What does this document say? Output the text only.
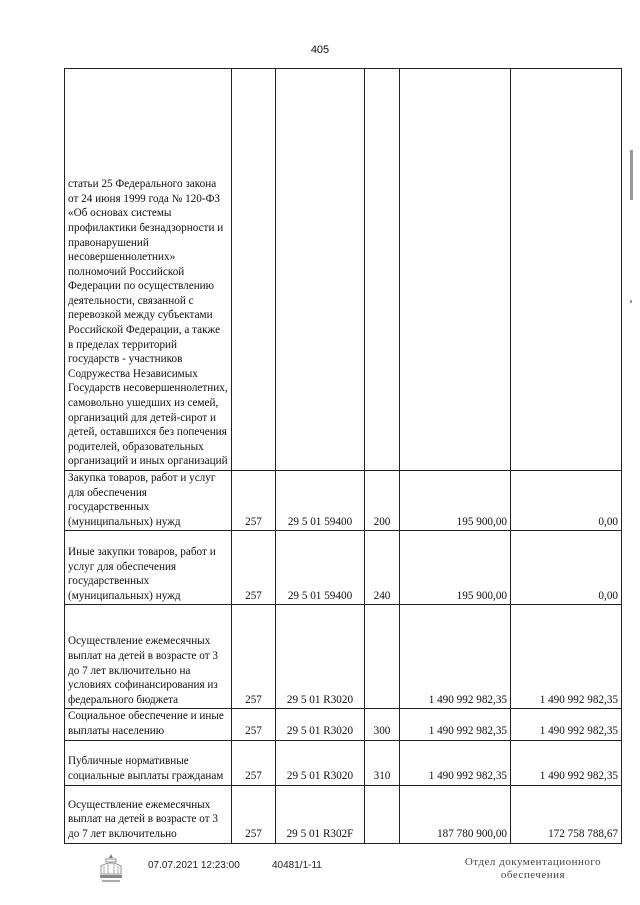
405
статьи 25 Федерального закона от 24 июня 1999 года № 120-ФЗ «Об основах системы профилактики безнадзорности и правонарушений несовершеннолетних» полномочий Российской Федерации по осуществлению деятельности, связанной с перевозкой между субъектами Российской Федерации, а также в пределах территорий государств - участников Содружества Независимых Государств несовершеннолетних, самовольно ушедших из семей, организаций для детей-сирот и детей, оставшихся без попечения родителей, образовательных организаций и иных организаций					
Закупка товаров, работ и услуг для обеспечения государственных (муниципальных) нужд	257	29 5 01 59400	200	195 900,00	0,00
Иные закупки товаров, работ и услуг для обеспечения государственных (муниципальных) нужд	257	29 5 01 59400	240	195 900,00	0,00
Осуществление ежемесячных выплат на детей в возрасте от 3 до 7 лет включительно на условиях софинансирования из федерального бюджета	257	29 5 01 R3020		1 490 992 982,35	1 490 992 982,35
Социальное обеспечение и иные выплаты населению	257	29 5 01 R3020	300	1 490 992 982,35	1 490 992 982,35
Публичные нормативные социальные выплаты гражданам	257	29 5 01 R3020	310	1 490 992 982,35	1 490 992 982,35
Осуществление ежемесячных выплат на детей в возрасте от 3 до 7 лет включительно	257	29 5 01 R302F		187 780 900,00	172 758 788,67
07.07.2021 12:23:00	40481/1-11	Отдел документационного
обеспечения
